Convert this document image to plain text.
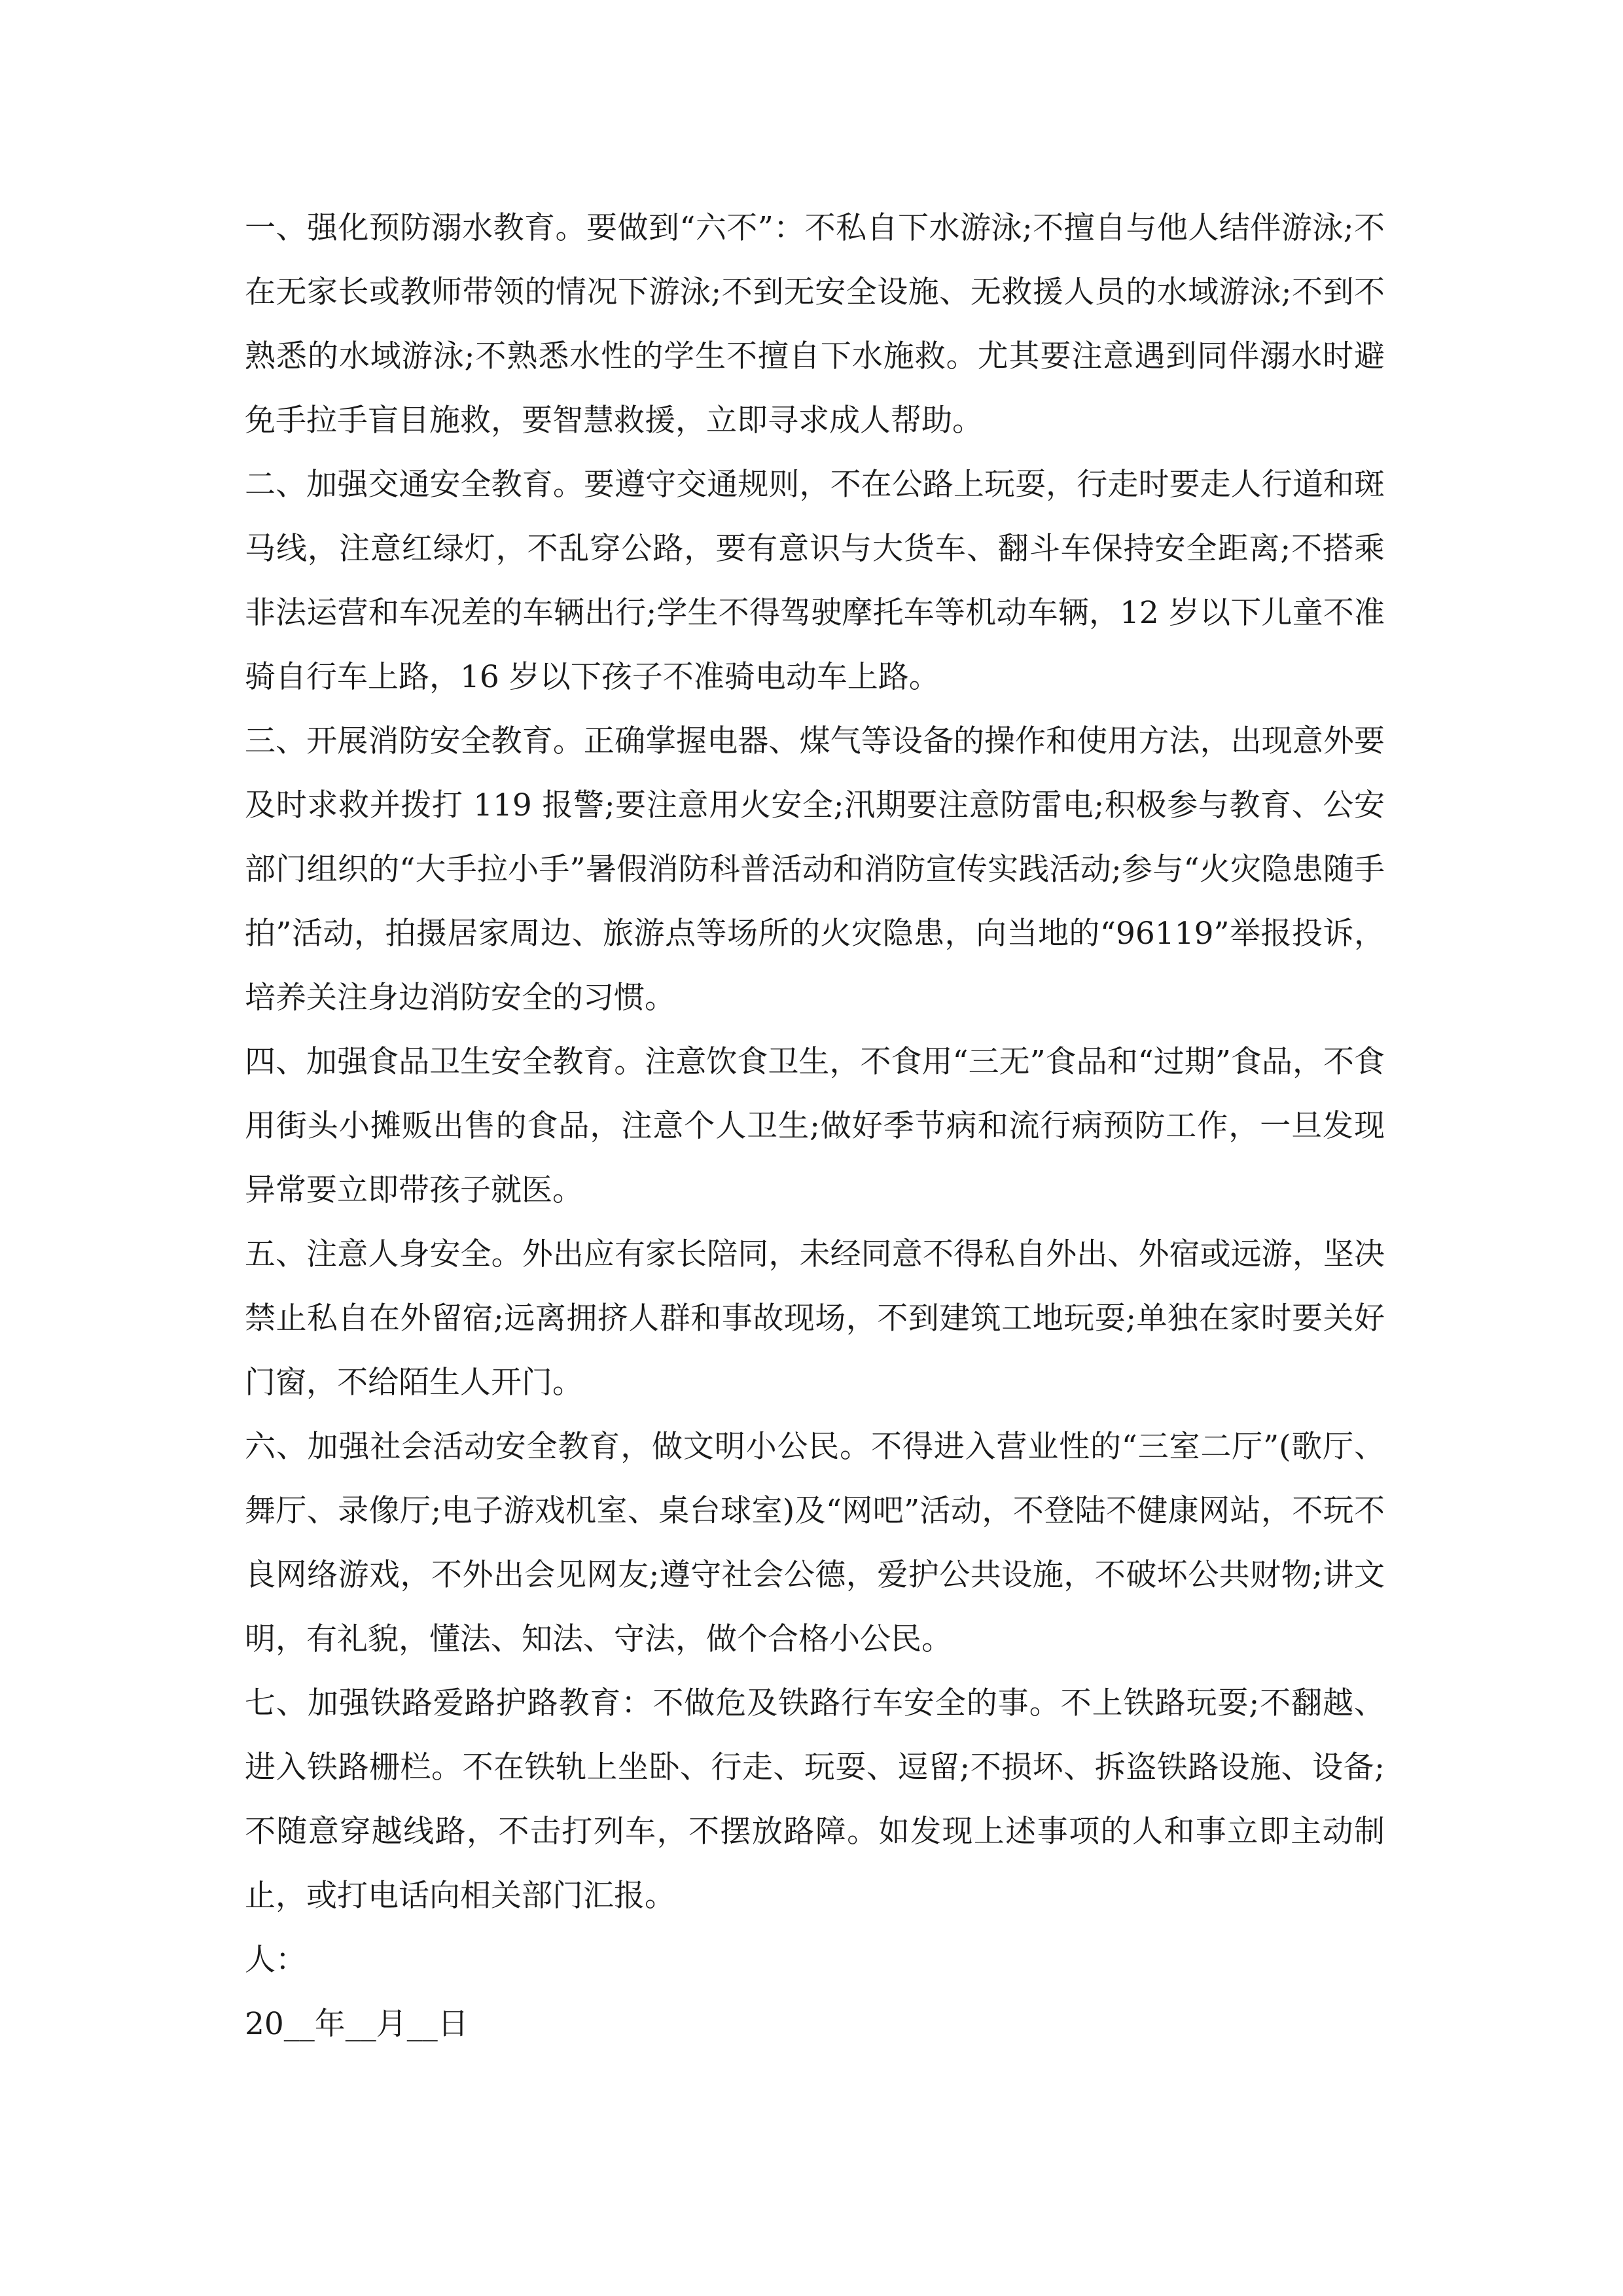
一、强化预防溺水教育。要做到“六不”：不私自下水游泳;不擅自与他人结伴游泳;不在无家长或教师带领的情况下游泳;不到无安全设施、无救援人员的水域游泳;不到不熟悉的水域游泳;不熟悉水性的学生不擅自下水施救。尤其要注意遇到同伴溺水时避免手拉手盲目施救，要智慧救援，立即寻求成人帮助。

二、加强交通安全教育。要遵守交通规则，不在公路上玩耍，行走时要走人行道和斑马线，注意红绿灯，不乱穿公路，要有意识与大货车、翻斗车保持安全距离;不搭乘非法运营和车况差的车辆出行;学生不得驾驶摩托车等机动车辆，12 岁以下儿童不准骑自行车上路，16 岁以下孩子不准骑电动车上路。

三、开展消防安全教育。正确掌握电器、煤气等设备的操作和使用方法，出现意外要及时求救并拨打 119 报警;要注意用火安全;汛期要注意防雷电;积极参与教育、公安部门组织的“大手拉小手”暑假消防科普活动和消防宣传实践活动;参与“火灾隐患随手拍”活动，拍摄居家周边、旅游点等场所的火灾隐患，向当地的“96119”举报投诉，培养关注身边消防安全的习惯。

四、加强食品卫生安全教育。注意饮食卫生，不食用“三无”食品和“过期”食品，不食用街头小摊贩出售的食品，注意个人卫生;做好季节病和流行病预防工作，一旦发现异常要立即带孩子就医。

五、注意人身安全。外出应有家长陪同，未经同意不得私自外出、外宿或远游，坚决禁止私自在外留宿;远离拥挤人群和事故现场，不到建筑工地玩耍;单独在家时要关好门窗，不给陌生人开门。

六、加强社会活动安全教育，做文明小公民。不得进入营业性的“三室二厅”(歌厅、舞厅、录像厅;电子游戏机室、桌台球室)及“网吧”活动，不登陆不健康网站，不玩不良网络游戏，不外出会见网友;遵守社会公德，爱护公共设施，不破坏公共财物;讲文明，有礼貌，懂法、知法、守法，做个合格小公民。

七、加强铁路爱路护路教育：不做危及铁路行车安全的事。不上铁路玩耍;不翻越、进入铁路栅栏。不在铁轨上坐卧、行走、玩耍、逗留;不损坏、拆盗铁路设施、设备;不随意穿越线路，不击打列车，不摆放路障。如发现上述事项的人和事立即主动制止，或打电话向相关部门汇报。

人：

20__年__月__日
